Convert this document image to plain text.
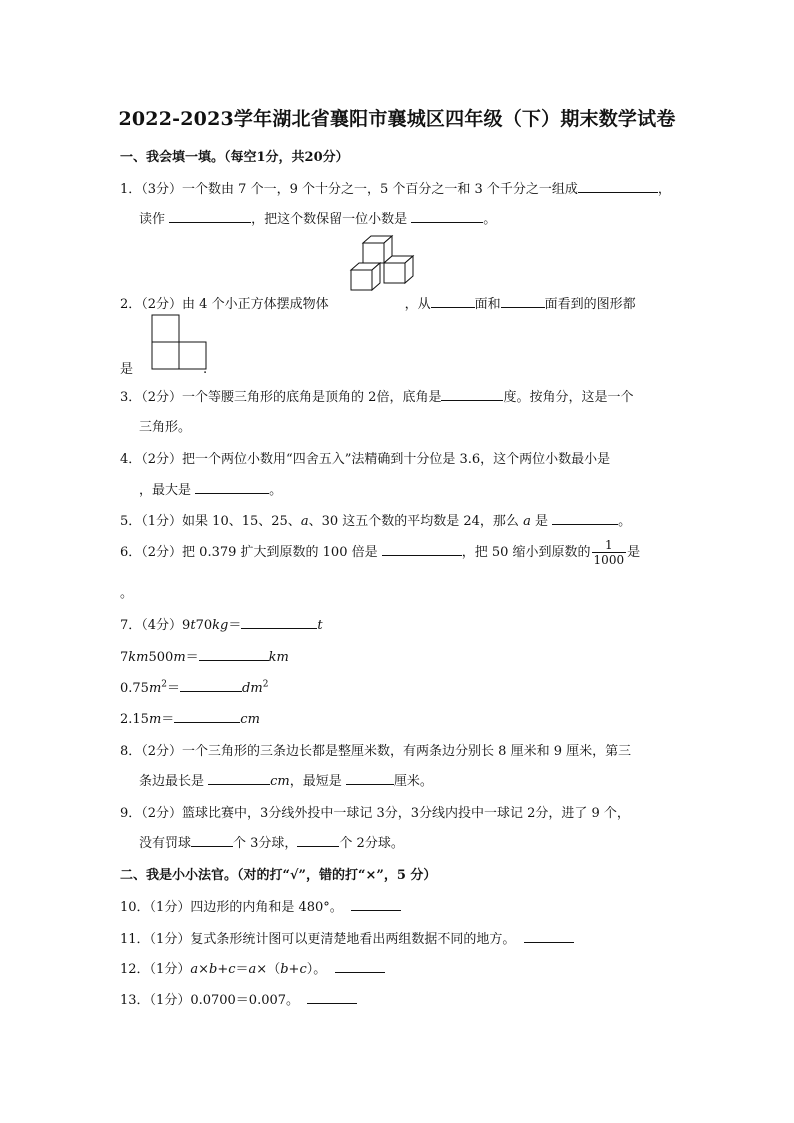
2022-2023学年湖北省襄阳市襄城区四年级（下）期末数学试卷
一、我会填一填。（每空1分，共20分）
1．（3分）一个数由 7 个一，9 个十分之一，5 个百分之一和 3 个千分之一组成	，
读作	，把这个数保留一位小数是	。
2．（2分）由 4 个小正方体摆成物体	，从	面和	面看到的图形都
是	.
3．（2分）一个等腰三角形的底角是顶角的 2倍，底角是	度。按角分，这是一个
三角形。
4．（2分）把一个两位小数用“四舍五入”法精确到十分位是 3.6，这个两位小数最小是
，最大是	。
5．（1分）如果 10、15、25、a、30 这五个数的平均数是 24，那么 a 是	。
6．（2分）把 0.379 扩大到原数的 100 倍是	，把 50 缩小到原数的 $\frac{1}{1000}$ 是
。
7．（4分）9t70kg＝	t
7km500m＝	km
$0.75m^2=$	$dm^2$
2.15m＝	cm
8．（2分）一个三角形的三条边长都是整厘米数，有两条边分别长 8 厘米和 9 厘米，第三
条边最长是	cm，最短是	厘米。
9．（2分）篮球比赛中，3分线外投中一球记 3分，3分线内投中一球记 2分，进了 9 个，
没有罚球	个 3分球，	个 2分球。
二、我是小小法官。（对的打“√”，错的打“×”，5 分）
10．（1分）四边形的内角和是 480°。
11．（1分）复式条形统计图可以更清楚地看出两组数据不同的地方。
12．（1分）a×b+c＝a×（b+c）。
13．（1分）0.0700＝0.007。
